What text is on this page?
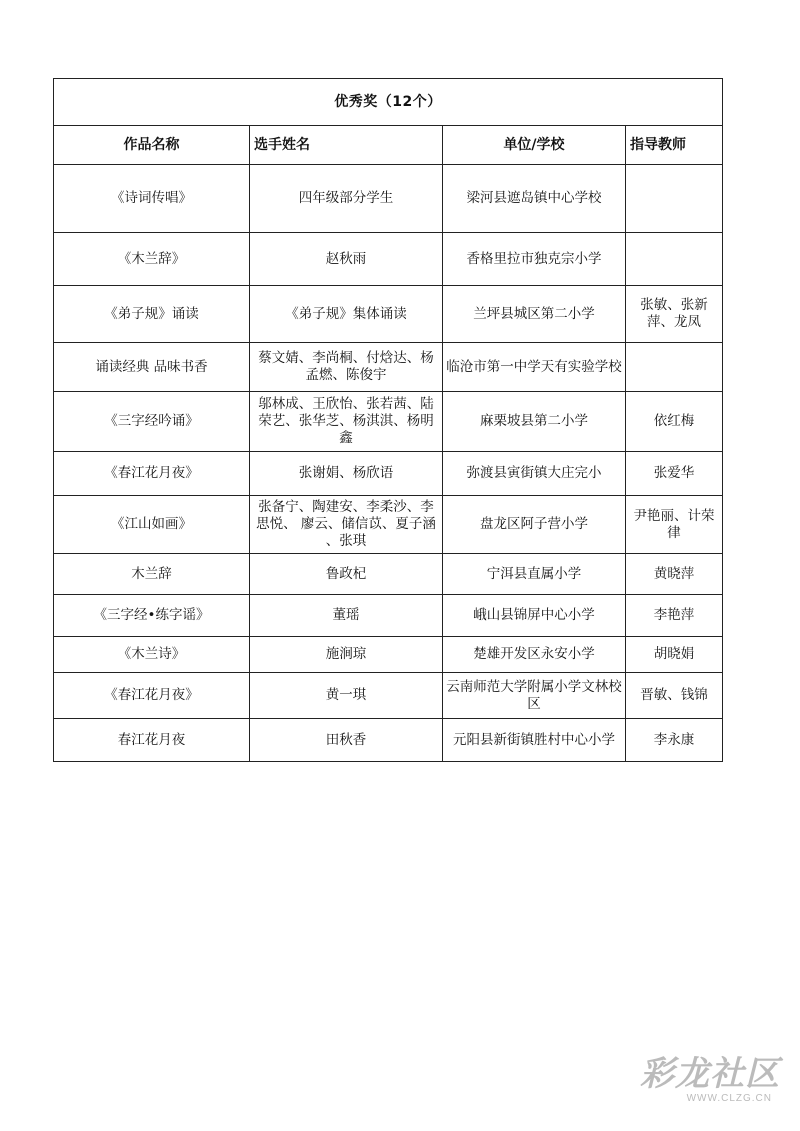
优秀奖（12个）			
作品名称	选手姓名	单位/学校	指导教师
《诗词传唱》	四年级部分学生	梁河县遮岛镇中心学校	
《木兰辞》	赵秋雨	香格里拉市独克宗小学	
《弟子规》诵读	《弟子规》集体诵读	兰坪县城区第二小学	张敏、张新萍、龙凤
诵读经典 品味书香	蔡文婧、李尚桐、付焓达、杨孟燃、陈俊宇	临沧市第一中学天有实验学校	
《三字经吟诵》	邬林成、王欣怡、张若茜、陆荣艺、张华芝、杨淇淇、杨明鑫	麻栗坡县第二小学	依红梅
《春江花月夜》	张谢娟、杨欣语	弥渡县寅街镇大庄完小	张爱华
《江山如画》	张备宁、陶建安、李柔沙、李思悦、 廖云、储信苡、夏子涵 、张琪	盘龙区阿子营小学	尹艳丽、计荣律
木兰辞	鲁政杞	宁洱县直属小学	黄晓萍
《三字经•练字谣》	董瑶	峨山县锦屏中心小学	李艳萍
《木兰诗》	施涧琼	楚雄开发区永安小学	胡晓娟
《春江花月夜》	黄一琪	云南师范大学附属小学文林校区	晋敏、钱锦
春江花月夜	田秋香	元阳县新街镇胜村中心小学	李永康
彩龙社区
WWW.CLZG.CN
